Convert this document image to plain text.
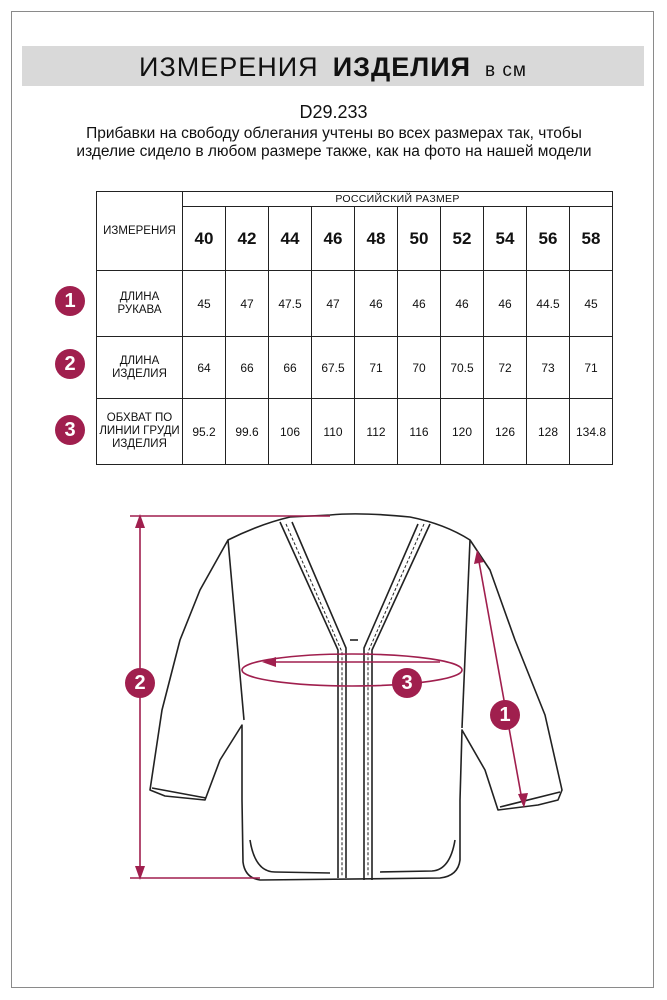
ИЗМЕРЕНИЯ ИЗДЕЛИЯ в см
D29.233
Прибавки на свободу облегания учтены во всех размерах так, чтобы изделие сидело в любом размере также, как на фото на нашей модели
ИЗМЕРЕНИЯ	РОССИЙСКИЙ РАЗМЕР									
	40	42	44	46	48	50	52	54	56	58
ДЛИНА РУКАВА	45	47	47.5	47	46	46	46	46	44.5	45
ДЛИНА ИЗДЕЛИЯ	64	66	66	67.5	71	70	70.5	72	73	71
ОБХВАТ ПО ЛИНИИ ГРУДИ ИЗДЕЛИЯ	95.2	99.6	106	110	112	116	120	126	128	134.8
1
2
3
2	3
1
